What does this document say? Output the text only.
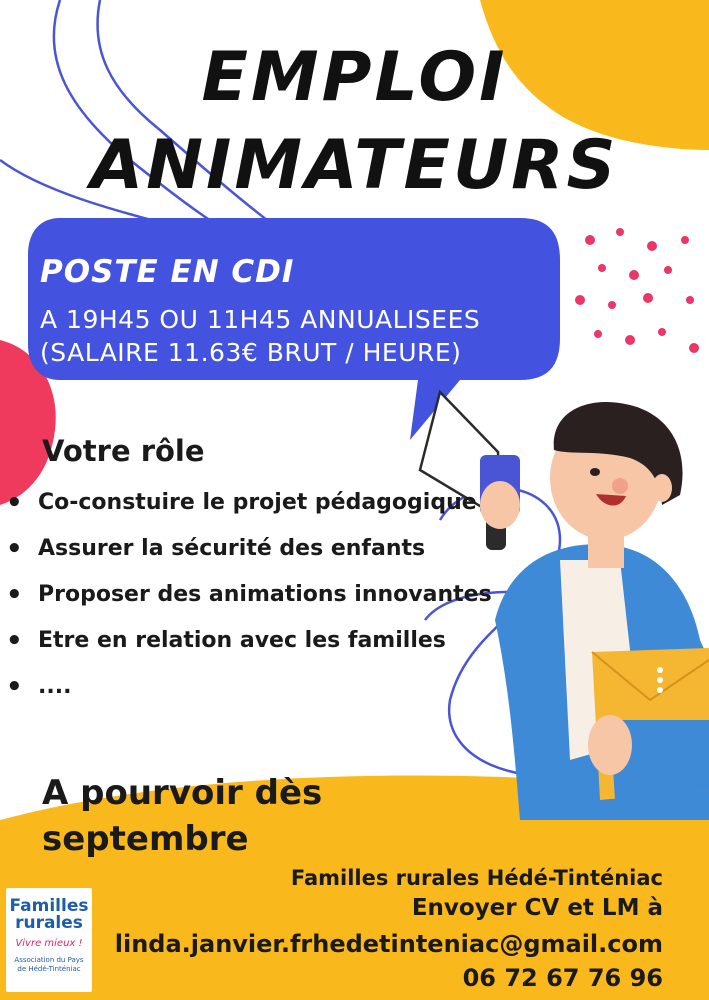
EMPLOI
ANIMATEURS
POSTE EN CDI
A 19H45 OU 11H45 ANNUALISEES
(SALAIRE 11.63€ BRUT / HEURE)
Votre rôle
• Co-constuire le projet pédagogique
• Assurer la sécurité des enfants
• Proposer des animations innovantes
• Etre en relation avec les familles
• ....
A pourvoir dès
septembre
Familles
rurales
Vivre mieux !
Association du Pays de Hédé-Tinténiac
Familles rurales Hédé-Tinténiac
Envoyer CV et LM à
linda.janvier.frhedetinteniac@gmail.com
06 72 67 76 96
